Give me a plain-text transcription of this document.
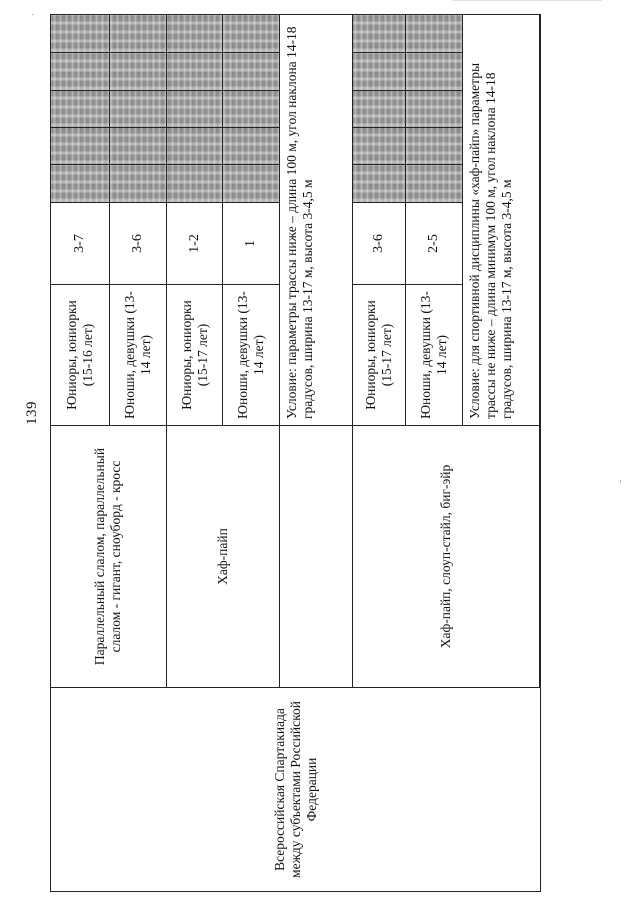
139
Всероссийская Спартакиада между субъектами Российской Федерации	Параллельный слалом, параллельный слалом - гигант, сноуборд - кросс	Юниоры, юниорки (15-16 лет)	3-7					
		Юноши, девушки (13-14 лет)	3-6					
	Хаф-пайп	Юниоры, юниорки (15-17 лет)	1-2					
		Юноши, девушки (13-14 лет)	1					
		Условие: параметры трассы ниже – длина 100 м, угол наклона 14-18 градусов, ширина 13-17 м, высота 3-4,5 м						
	Хаф-пайп, слоуп-стайл, биг-эйр	Юниоры, юниорки (15-17 лет)	3-6					
		Юноши, девушки (13-14 лет)	2-5					
		Условие: для спортивной дисциплины «хаф-пайп» параметры трассы не ниже – длина минимум 100 м, угол наклона 14-18 градусов, ширина 13-17 м, высота 3-4,5 м						
